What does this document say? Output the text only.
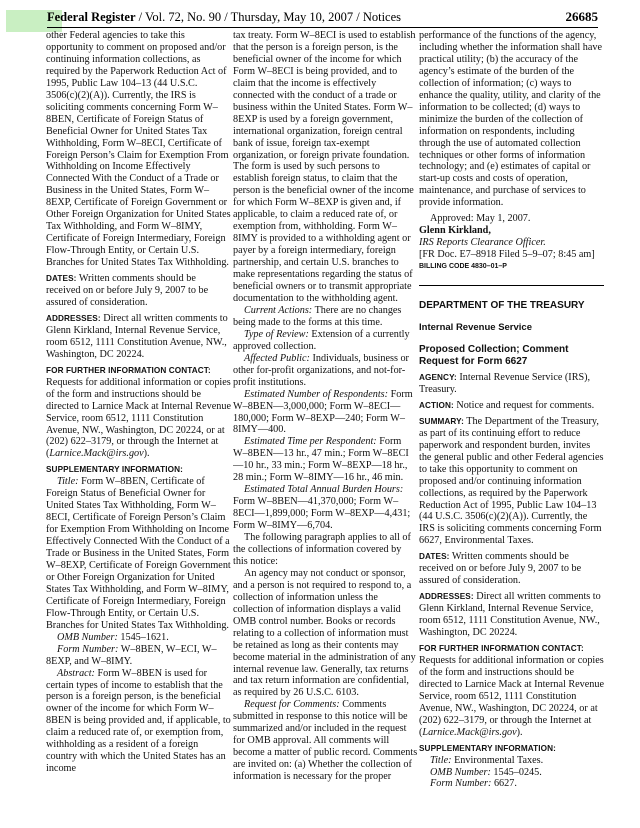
Federal Register / Vol. 72, No. 90 / Thursday, May 10, 2007 / Notices	26685

other Federal agencies to take this opportunity to comment on proposed and/or continuing information collections, as required by the Paperwork Reduction Act of 1995, Public Law 104–13 (44 U.S.C. 3506(c)(2)(A)). Currently, the IRS is soliciting comments concerning Form W–8BEN, Certificate of Foreign Status of Beneficial Owner for United States Tax Withholding, Form W–8ECI, Certificate of Foreign Person’s Claim for Exemption From Withholding on Income Effectively Connected With the Conduct of a Trade or Business in the United States, Form W–8EXP, Certificate of Foreign Government or Other Foreign Organization for United States Tax Withholding, and Form W–8IMY, Certificate of Foreign Intermediary, Foreign Flow-Through Entity, or Certain U.S. Branches for United States Tax Withholding.

DATES: Written comments should be received on or before July 9, 2007 to be assured of consideration.

ADDRESSES: Direct all written comments to Glenn Kirkland, Internal Revenue Service, room 6512, 1111 Constitution Avenue, NW., Washington, DC 20224.

FOR FURTHER INFORMATION CONTACT:

Requests for additional information or copies of the form and instructions should be directed to Larnice Mack at Internal Revenue Service, room 6512, 1111 Constitution Avenue, NW., Washington, DC 20224, or at (202) 622–3179, or through the Internet at (Larnice.Mack@irs.gov).

SUPPLEMENTARY INFORMATION:

Title: Form W–8BEN, Certificate of Foreign Status of Beneficial Owner for United States Tax Withholding, Form W–8ECI, Certificate of Foreign Person’s Claim for Exemption From Withholding on Income Effectively Connected With the Conduct of a Trade or Business in the United States, Form W–8EXP, Certificate of Foreign Government or Other Foreign Organization for United States Tax Withholding, and Form W–8IMY, Certificate of Foreign Intermediary, Foreign Flow-Through Entity, or Certain U.S. Branches for United States Tax Withholding.

OMB Number: 1545–1621.

Form Number: W–8BEN, W–ECI, W–8EXP, and W–8IMY.

Abstract: Form W–8BEN is used for certain types of income to establish that the person is a foreign person, is the beneficial owner of the income for which Form W–8BEN is being provided and, if applicable, to claim a reduced rate of, or exemption from, withholding as a resident of a foreign country with which the United States has an income

tax treaty. Form W–8ECI is used to establish that the person is a foreign person, is the beneficial owner of the income for which Form W–8ECI is being provided, and to claim that the income is effectively connected with the conduct of a trade or business within the United States. Form W–8EXP is used by a foreign government, international organization, foreign central bank of issue, foreign tax-exempt organization, or foreign private foundation. The form is used by such persons to establish foreign status, to claim that the person is the beneficial owner of the income for which Form W–8EXP is given and, if applicable, to claim a reduced rate of, or exemption from, withholding. Form W–8IMY is provided to a withholding agent or payer by a foreign intermediary, foreign partnership, and certain U.S. branches to make representations regarding the status of beneficial owners or to transmit appropriate documentation to the withholding agent.

Current Actions: There are no changes being made to the forms at this time.

Type of Review: Extension of a currently approved collection.

Affected Public: Individuals, business or other for-profit organizations, and not-for-profit institutions.

Estimated Number of Respondents: Form W–8BEN—3,000,000; Form W–8ECI—180,000; Form W–8EXP—240; Form W–8IMY—400.

Estimated Time per Respondent: Form W–8BEN—13 hr., 47 min.; Form W–8ECI—10 hr., 33 min.; Form W–8EXP—18 hr., 28 min.; Form W–8IMY—16 hr., 46 min.

Estimated Total Annual Burden Hours: Form W–8BEN—41,370,000; Form W–8ECI—1,899,000; Form W–8EXP—4,431; Form W–8IMY—6,704.

The following paragraph applies to all of the collections of information covered by this notice:

An agency may not conduct or sponsor, and a person is not required to respond to, a collection of information unless the collection of information displays a valid OMB control number. Books or records relating to a collection of information must be retained as long as their contents may become material in the administration of any internal revenue law. Generally, tax returns and tax return information are confidential, as required by 26 U.S.C. 6103.

Request for Comments: Comments submitted in response to this notice will be summarized and/or included in the request for OMB approval. All comments will become a matter of public record. Comments are invited on: (a) Whether the collection of information is necessary for the proper

performance of the functions of the agency, including whether the information shall have practical utility; (b) the accuracy of the agency’s estimate of the burden of the collection of information; (c) ways to enhance the quality, utility, and clarity of the information to be collected; (d) ways to minimize the burden of the collection of information on respondents, including through the use of automated collection techniques or other forms of information technology; and (e) estimates of capital or start-up costs and costs of operation, maintenance, and purchase of services to provide information.

Approved: May 1, 2007.

Glenn Kirkland,

IRS Reports Clearance Officer.

[FR Doc. E7–8918 Filed 5–9–07; 8:45 am]

BILLING CODE 4830–01–P

DEPARTMENT OF THE TREASURY

Internal Revenue Service

Proposed Collection; Comment Request for Form 6627

AGENCY: Internal Revenue Service (IRS), Treasury.

ACTION: Notice and request for comments.

SUMMARY: The Department of the Treasury, as part of its continuing effort to reduce paperwork and respondent burden, invites the general public and other Federal agencies to take this opportunity to comment on proposed and/or continuing information collections, as required by the Paperwork Reduction Act of 1995, Public Law 104–13 (44 U.S.C. 3506(c)(2)(A)). Currently, the IRS is soliciting comments concerning Form 6627, Environmental Taxes.

DATES: Written comments should be received on or before July 9, 2007 to be assured of consideration.

ADDRESSES: Direct all written comments to Glenn Kirkland, Internal Revenue Service, room 6512, 1111 Constitution Avenue, NW., Washington, DC 20224.

FOR FURTHER INFORMATION CONTACT:

Requests for additional information or copies of the form and instructions should be directed to Larnice Mack at Internal Revenue Service, room 6512, 1111 Constitution Avenue, NW., Washington, DC 20224, or at (202) 622–3179, or through the Internet at (Larnice.Mack@irs.gov).

SUPPLEMENTARY INFORMATION:

Title: Environmental Taxes.

OMB Number: 1545–0245.

Form Number: 6627.
